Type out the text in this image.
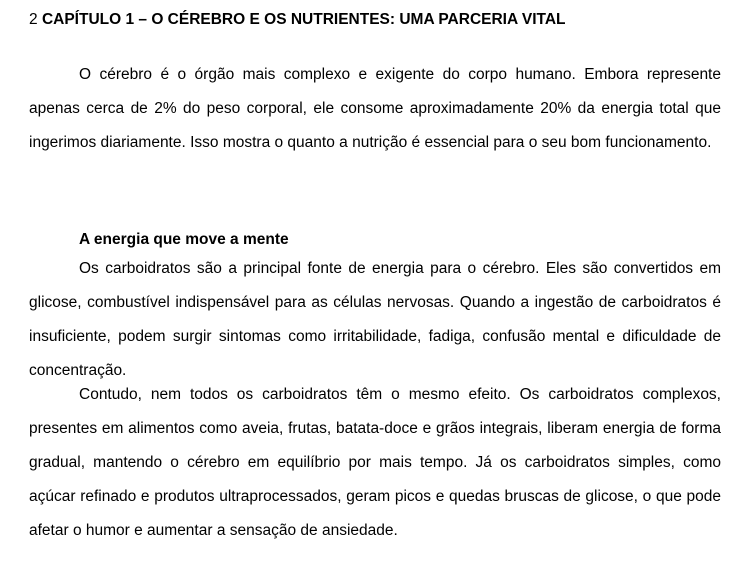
2 CAPÍTULO 1 – O CÉREBRO E OS NUTRIENTES: UMA PARCERIA VITAL

O cérebro é o órgão mais complexo e exigente do corpo humano. Embora represente apenas cerca de 2% do peso corporal, ele consome aproximadamente 20% da energia total que ingerimos diariamente. Isso mostra o quanto a nutrição é essencial para o seu bom funcionamento.

A energia que move a mente

Os carboidratos são a principal fonte de energia para o cérebro. Eles são convertidos em glicose, combustível indispensável para as células nervosas. Quando a ingestão de carboidratos é insuficiente, podem surgir sintomas como irritabilidade, fadiga, confusão mental e dificuldade de concentração.

Contudo, nem todos os carboidratos têm o mesmo efeito. Os carboidratos complexos, presentes em alimentos como aveia, frutas, batata-doce e grãos integrais, liberam energia de forma gradual, mantendo o cérebro em equilíbrio por mais tempo. Já os carboidratos simples, como açúcar refinado e produtos ultraprocessados, geram picos e quedas bruscas de glicose, o que pode afetar o humor e aumentar a sensação de ansiedade.
